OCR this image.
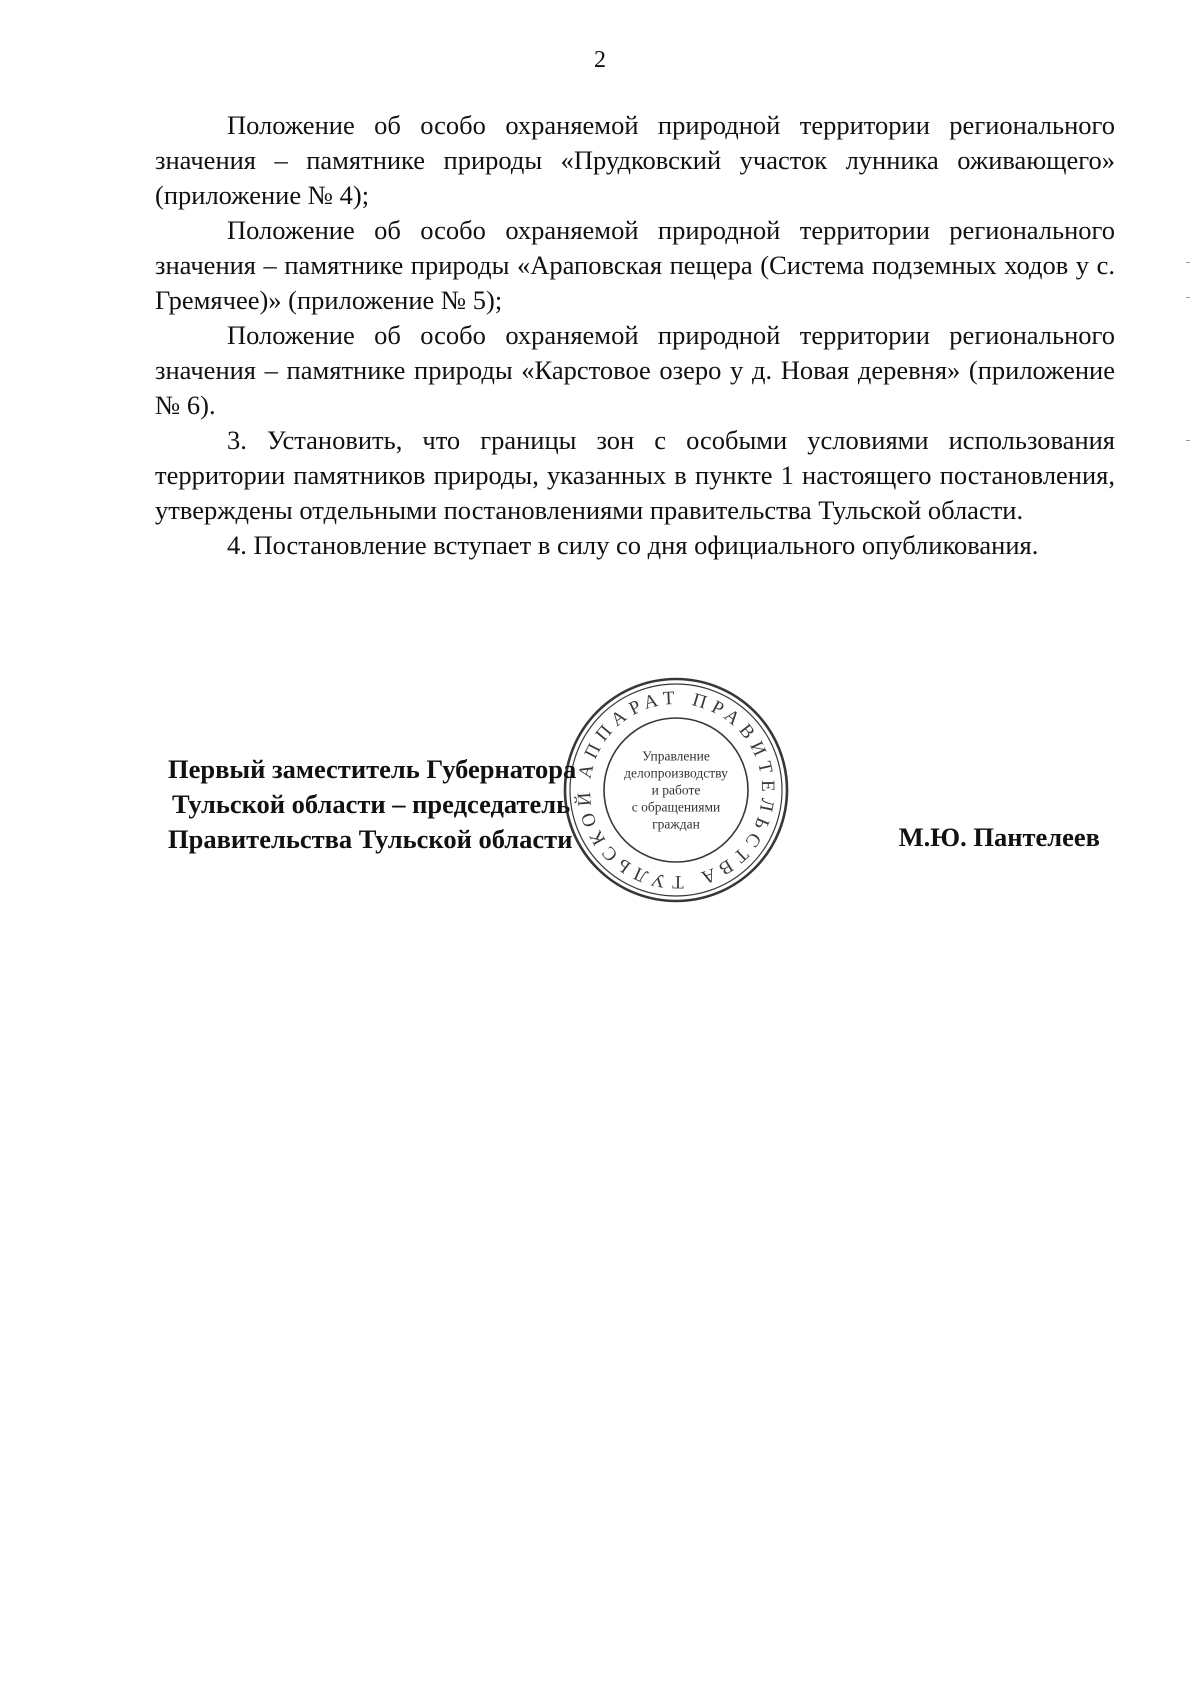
2

Положение об особо охраняемой природной территории регионального значения – памятнике природы «Прудковский участок лунника оживающего» (приложение № 4);

Положение об особо охраняемой природной территории регионального значения – памятнике природы «Араповская пещера (Система подземных ходов у с. Гремячее)» (приложение № 5);

Положение об особо охраняемой природной территории регионального значения – памятнике природы «Карстовое озеро у д. Новая деревня» (приложение № 6).

3. Установить, что границы зон с особыми условиями использования территории памятников природы, указанных в пункте 1 настоящего постановления, утверждены отдельными постановлениями правительства Тульской области.

4. Постановление вступает в силу со дня официального опубликования.

Первый заместитель Губернатора
Тульской области – председатель
Правительства Тульской области	М.Ю. Пантелеев
АППАРАТ ПРАВИТЕЛЬСТВА ТУЛЬСКОЙ
Управление
делопроизводству
и работе
с обращениями
граждан
